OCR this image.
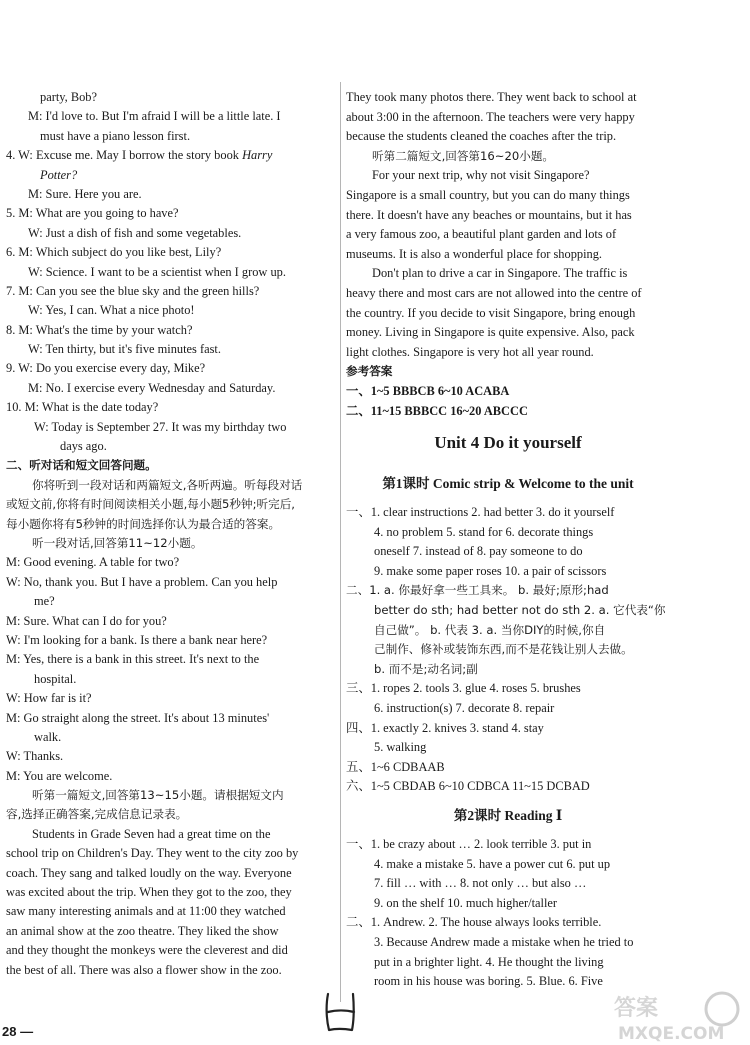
party, Bob?
M: I'd love to. But I'm afraid I will be a little late. I
must have a piano lesson first.
4. W: Excuse me. May I borrow the story book Harry
Potter?
M: Sure. Here you are.
5. M: What are you going to have?
W: Just a dish of fish and some vegetables.
6. M: Which subject do you like best, Lily?
W: Science. I want to be a scientist when I grow up.
7. M: Can you see the blue sky and the green hills?
W: Yes, I can. What a nice photo!
8. M: What's the time by your watch?
W: Ten thirty, but it's five minutes fast.
9. W: Do you exercise every day, Mike?
M: No. I exercise every Wednesday and Saturday.
10. M: What is the date today?
W: Today is September 27. It was my birthday two
days ago.
二、听对话和短文回答问题。
你将听到一段对话和两篇短文,各听两遍。听每段对话
或短文前,你将有时间阅读相关小题,每小题5秒钟;听完后,
每小题你将有5秒钟的时间选择你认为最合适的答案。
听一段对话,回答第11~12小题。
M: Good evening. A table for two?
W: No, thank you. But I have a problem. Can you help
me?
M: Sure. What can I do for you?
W: I'm looking for a bank. Is there a bank near here?
M: Yes, there is a bank in this street. It's next to the
hospital.
W: How far is it?
M: Go straight along the street. It's about 13 minutes'
walk.
W: Thanks.
M: You are welcome.
听第一篇短文,回答第13~15小题。请根据短文内
容,选择正确答案,完成信息记录表。
Students in Grade Seven had a great time on the
school trip on Children's Day. They went to the city zoo by
coach. They sang and talked loudly on the way. Everyone
was excited about the trip. When they got to the zoo, they
saw many interesting animals and at 11:00 they watched
an animal show at the zoo theatre. They liked the show
and they thought the monkeys were the cleverest and did
the best of all. There was also a flower show in the zoo.
They took many photos there. They went back to school at
about 3:00 in the afternoon. The teachers were very happy
because the students cleaned the coaches after the trip.
听第二篇短文,回答第16~20小题。
For your next trip, why not visit Singapore?
Singapore is a small country, but you can do many things
there. It doesn't have any beaches or mountains, but it has
a very famous zoo, a beautiful plant garden and lots of
museums. It is also a wonderful place for shopping.
Don't plan to drive a car in Singapore. The traffic is
heavy there and most cars are not allowed into the centre of
the country. If you decide to visit Singapore, bring enough
money. Living in Singapore is quite expensive. Also, pack
light clothes. Singapore is very hot all year round.
参考答案
一、1~5 BBBCB 6~10 ACABA
二、11~15 BBBCC 16~20 ABCCC
Unit 4 Do it yourself
第1课时 Comic strip & Welcome to the unit
一、1. clear instructions 2. had better 3. do it yourself
4. no problem 5. stand for 6. decorate things
oneself 7. instead of 8. pay someone to do
9. make some paper roses 10. a pair of scissors
二、1. a. 你最好拿一些工具来。 b. 最好;原形;had
better do sth; had better not do sth 2. a. 它代表“你
自己做”。 b. 代表 3. a. 当你DIY的时候,你自
己制作、修补或装饰东西,而不是花钱让别人去做。
b. 而不是;动名词;副
三、1. ropes 2. tools 3. glue 4. roses 5. brushes
6. instruction(s) 7. decorate 8. repair
四、1. exactly 2. knives 3. stand 4. stay
5. walking
五、1~6 CDBAAB
六、1~5 CBDAB 6~10 CDBCA 11~15 DCBAD
第2课时 Reading Ⅰ
一、1. be crazy about … 2. look terrible 3. put in
4. make a mistake 5. have a power cut 6. put up
7. fill … with … 8. not only … but also …
9. on the shelf 10. much higher/taller
二、1. Andrew. 2. The house always looks terrible.
3. Because Andrew made a mistake when he tried to
put in a brighter light. 4. He thought the living
room in his house was boring. 5. Blue. 6. Five
28 —
答案
MXQE.COM
